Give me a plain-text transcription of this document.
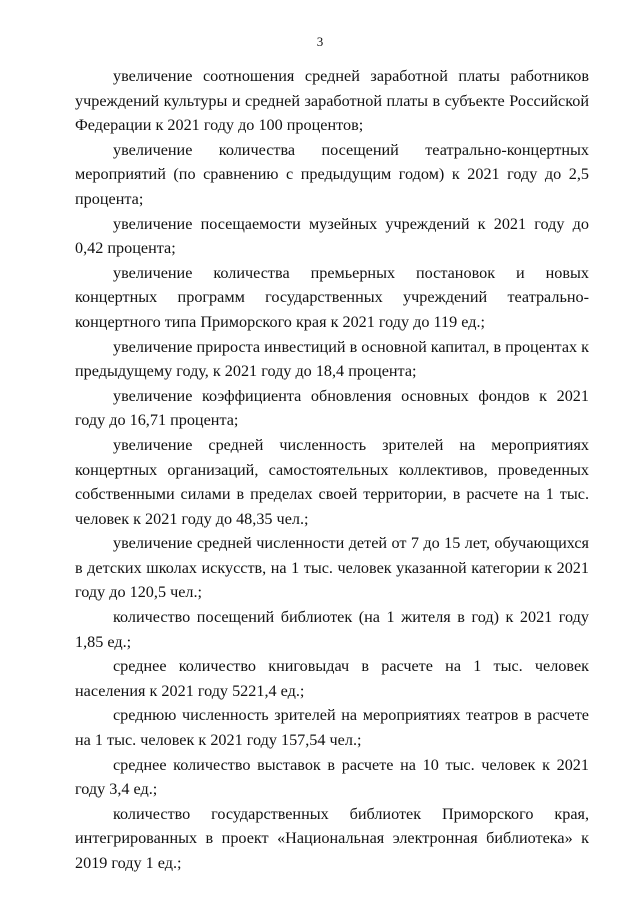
3

увеличение соотношения средней заработной платы работников учреждений культуры и средней заработной платы в субъекте Российской Федерации к 2021 году до 100 процентов;

увеличение количества посещений театрально-концертных мероприятий (по сравнению с предыдущим годом) к 2021 году до 2,5 процента;

увеличение посещаемости музейных учреждений к 2021 году до 0,42 процента;

увеличение количества премьерных постановок и новых концертных программ государственных учреждений театрально-концертного типа Приморского края к 2021 году до 119 ед.;

увеличение прироста инвестиций в основной капитал, в процентах к предыдущему году, к 2021 году до 18,4 процента;

увеличение коэффициента обновления основных фондов к 2021 году до 16,71 процента;

увеличение средней численность зрителей на мероприятиях концертных организаций, самостоятельных коллективов, проведенных собственными силами в пределах своей территории, в расчете на 1 тыс. человек к 2021 году до 48,35 чел.;

увеличение средней численности детей от 7 до 15 лет, обучающихся в детских школах искусств, на 1 тыс. человек указанной категории к 2021 году до 120,5 чел.;

количество посещений библиотек (на 1 жителя в год) к 2021 году 1,85 ед.;

среднее количество книговыдач в расчете на 1 тыс. человек населения к 2021 году 5221,4 ед.;

среднюю численность зрителей на мероприятиях театров в расчете на 1 тыс. человек к 2021 году 157,54 чел.;

среднее количество выставок в расчете на 10 тыс. человек к 2021 году 3,4 ед.;

количество государственных библиотек Приморского края, интегрированных в проект «Национальная электронная библиотека» к 2019 году 1 ед.;
